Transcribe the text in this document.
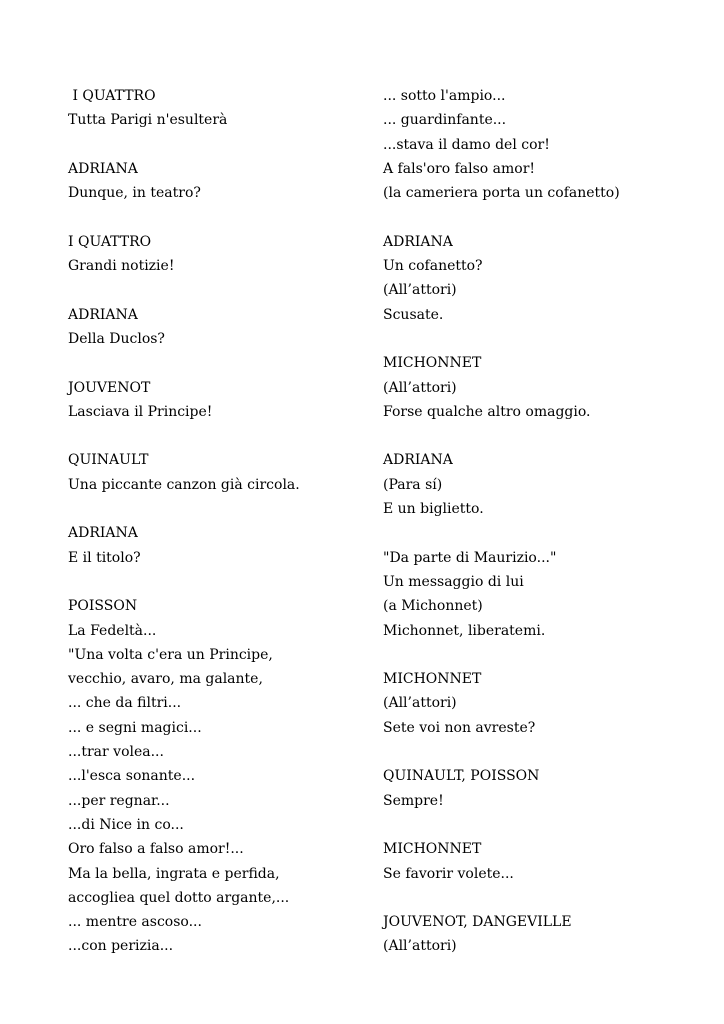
I QUATTRO
Tutta Parigi n'esulterà
ADRIANA
Dunque, in teatro?
I QUATTRO
Grandi notizie!
ADRIANA
Della Duclos?
JOUVENOT
Lasciava il Principe!
QUINAULT
Una piccante canzon già circola.
ADRIANA
E il titolo?
POISSON
La Fedeltà...
"Una volta c'era un Principe,
vecchio, avaro, ma galante,
... che da filtri...
... e segni magici...
...trar volea...
...l'esca sonante...
...per regnar...
...di Nice in co...
Oro falso a falso amor!...
Ma la bella, ingrata e perfida,
accoglieа quel dotto argante,...
... mentre ascoso...
...con perizia...
... sotto l'ampio...
... guardinfante...
...stava il damo del cor!
A fals'oro falso amor!
(la cameriera porta un cofanetto)
ADRIANA
Un cofanetto?
(All’attori)
Scusate.
MICHONNET
(All’attori)
Forse qualche altro omaggio.
ADRIANA
(Para sí)
E un biglietto.
"Da parte di Maurizio..."
Un messaggio di lui
(a Michonnet)
Michonnet, liberatemi.
MICHONNET
(All’attori)
Sete voi non avreste?
QUINAULT, POISSON
Sempre!
MICHONNET
Se favorir volete...
JOUVENOT, DANGEVILLE
(All’attori)
